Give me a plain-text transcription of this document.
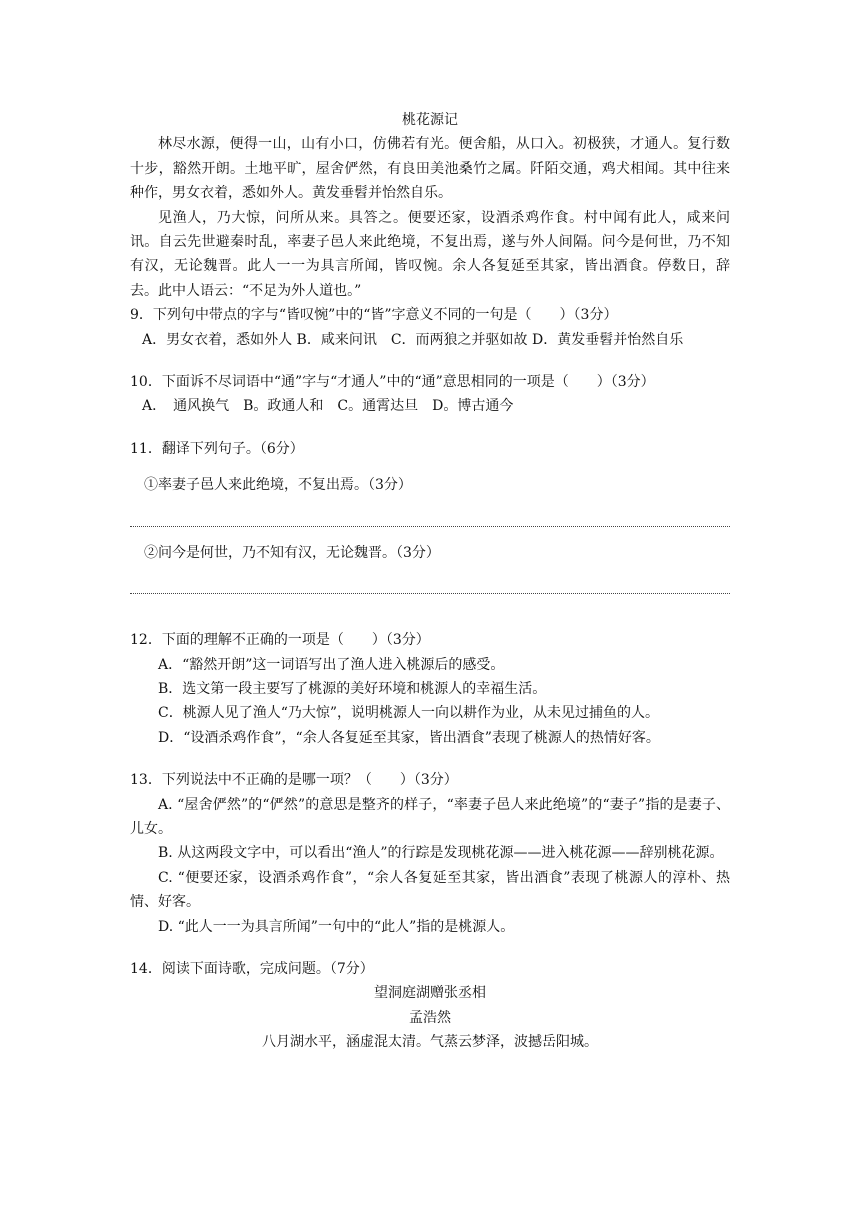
桃花源记
林尽水源，便得一山，山有小口，仿佛若有光。便舍船，从口入。初极狭，才通人。复行数十步，豁然开朗。土地平旷，屋舍俨然，有良田美池桑竹之属。阡陌交通，鸡犬相闻。其中往来种作，男女衣着，悉如外人。黄发垂髫并怡然自乐。
见渔人，乃大惊，问所从来。具答之。便要还家，设酒杀鸡作食。村中闻有此人，咸来问讯。自云先世避秦时乱，率妻子邑人来此绝境，不复出焉，遂与外人间隔。问今是何世，乃不知有汉，无论魏晋。此人一一为具言所闻，皆叹惋。余人各复延至其家，皆出酒食。停数日，辞去。此中人语云：“不足为外人道也。”
9．下列句中带点的字与“皆叹惋”中的“皆”字意义不同的一句是（　　）（3分）
A．男女衣着，悉如外人 B．咸来问讯　C．而两狼之并驱如故 D．黄发垂髫并怡然自乐
10．下面诉不尽词语中“通”字与“才通人”中的“通”意思相同的一项是（　　）（3分）
A．　通风换气　B。政通人和　C。通霄达旦　D。博古通今
11．翻译下列句子。（6分）
①率妻子邑人来此绝境，不复出焉。（3分）
②问今是何世，乃不知有汉，无论魏晋。（3分）
12．下面的理解不正确的一项是（　　）（3分）
A．“豁然开朗”这一词语写出了渔人进入桃源后的感受。
B．选文第一段主要写了桃源的美好环境和桃源人的幸福生活。
C．桃源人见了渔人“乃大惊”，说明桃源人一向以耕作为业，从未见过捕鱼的人。
D．“设酒杀鸡作食”，“余人各复延至其家，皆出酒食”表现了桃源人的热情好客。
13．下列说法中不正确的是哪一项？（　　）（3分）
A. “屋舍俨然”的“俨然”的意思是整齐的样子，“率妻子邑人来此绝境”的“妻子”指的是妻子、儿女。
B. 从这两段文字中，可以看出“渔人”的行踪是发现桃花源——进入桃花源——辞别桃花源。
C. “便要还家，设酒杀鸡作食”，“余人各复延至其家，皆出酒食”表现了桃源人的淳朴、热情、好客。
D. “此人一一为具言所闻”一句中的“此人”指的是桃源人。
14．阅读下面诗歌，完成问题。（7分）
望洞庭湖赠张丞相
孟浩然
八月湖水平，涵虚混太清。气蒸云梦泽，波撼岳阳城。
